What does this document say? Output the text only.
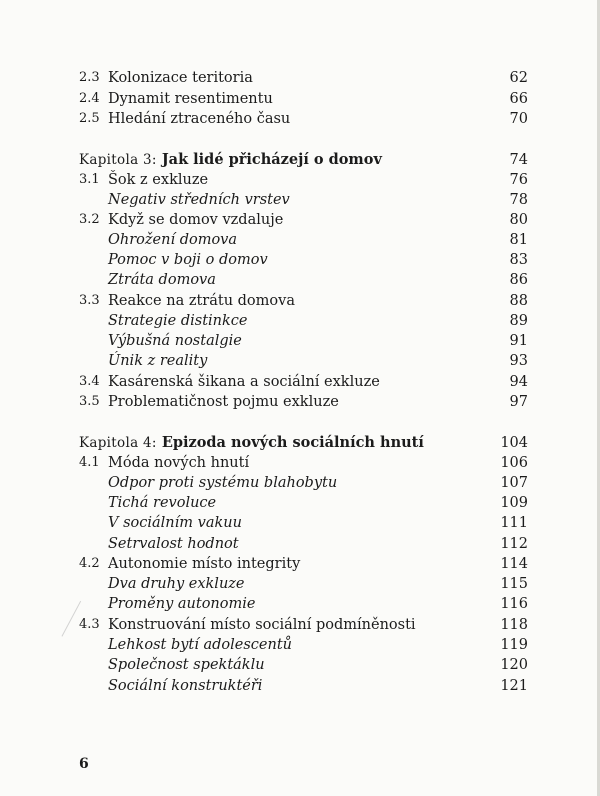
2.3 Kolonizace teritoria	62
2.4 Dynamit resentimentu	66
2.5 Hledání ztraceného času	70
Kapitola 3: Jak lidé přicházejí o domov	74
3.1 Šok z exkluze	76
Negativ středních vrstev	78
3.2 Když se domov vzdaluje	80
Ohrožení domova	81
Pomoc v boji o domov	83
Ztráta domova	86
3.3 Reakce na ztrátu domova	88
Strategie distinkce	89
Výbušná nostalgie	91
Únik z reality	93
3.4 Kasárenská šikana a sociální exkluze	94
3.5 Problematičnost pojmu exkluze	97
Kapitola 4: Epizoda nových sociálních hnutí	104
4.1 Móda nových hnutí	106
Odpor proti systému blahobytu	107
Tichá revoluce	109
V sociálním vakuu	111
Setrvalost hodnot	112
4.2 Autonomie místo integrity	114
Dva druhy exkluze	115
Proměny autonomie	116
4.3 Konstruování místo sociální podmíněnosti	118
Lehkost bytí adolescentů	119
Společnost spektáklu	120
Sociální konstruktéři	121
6
